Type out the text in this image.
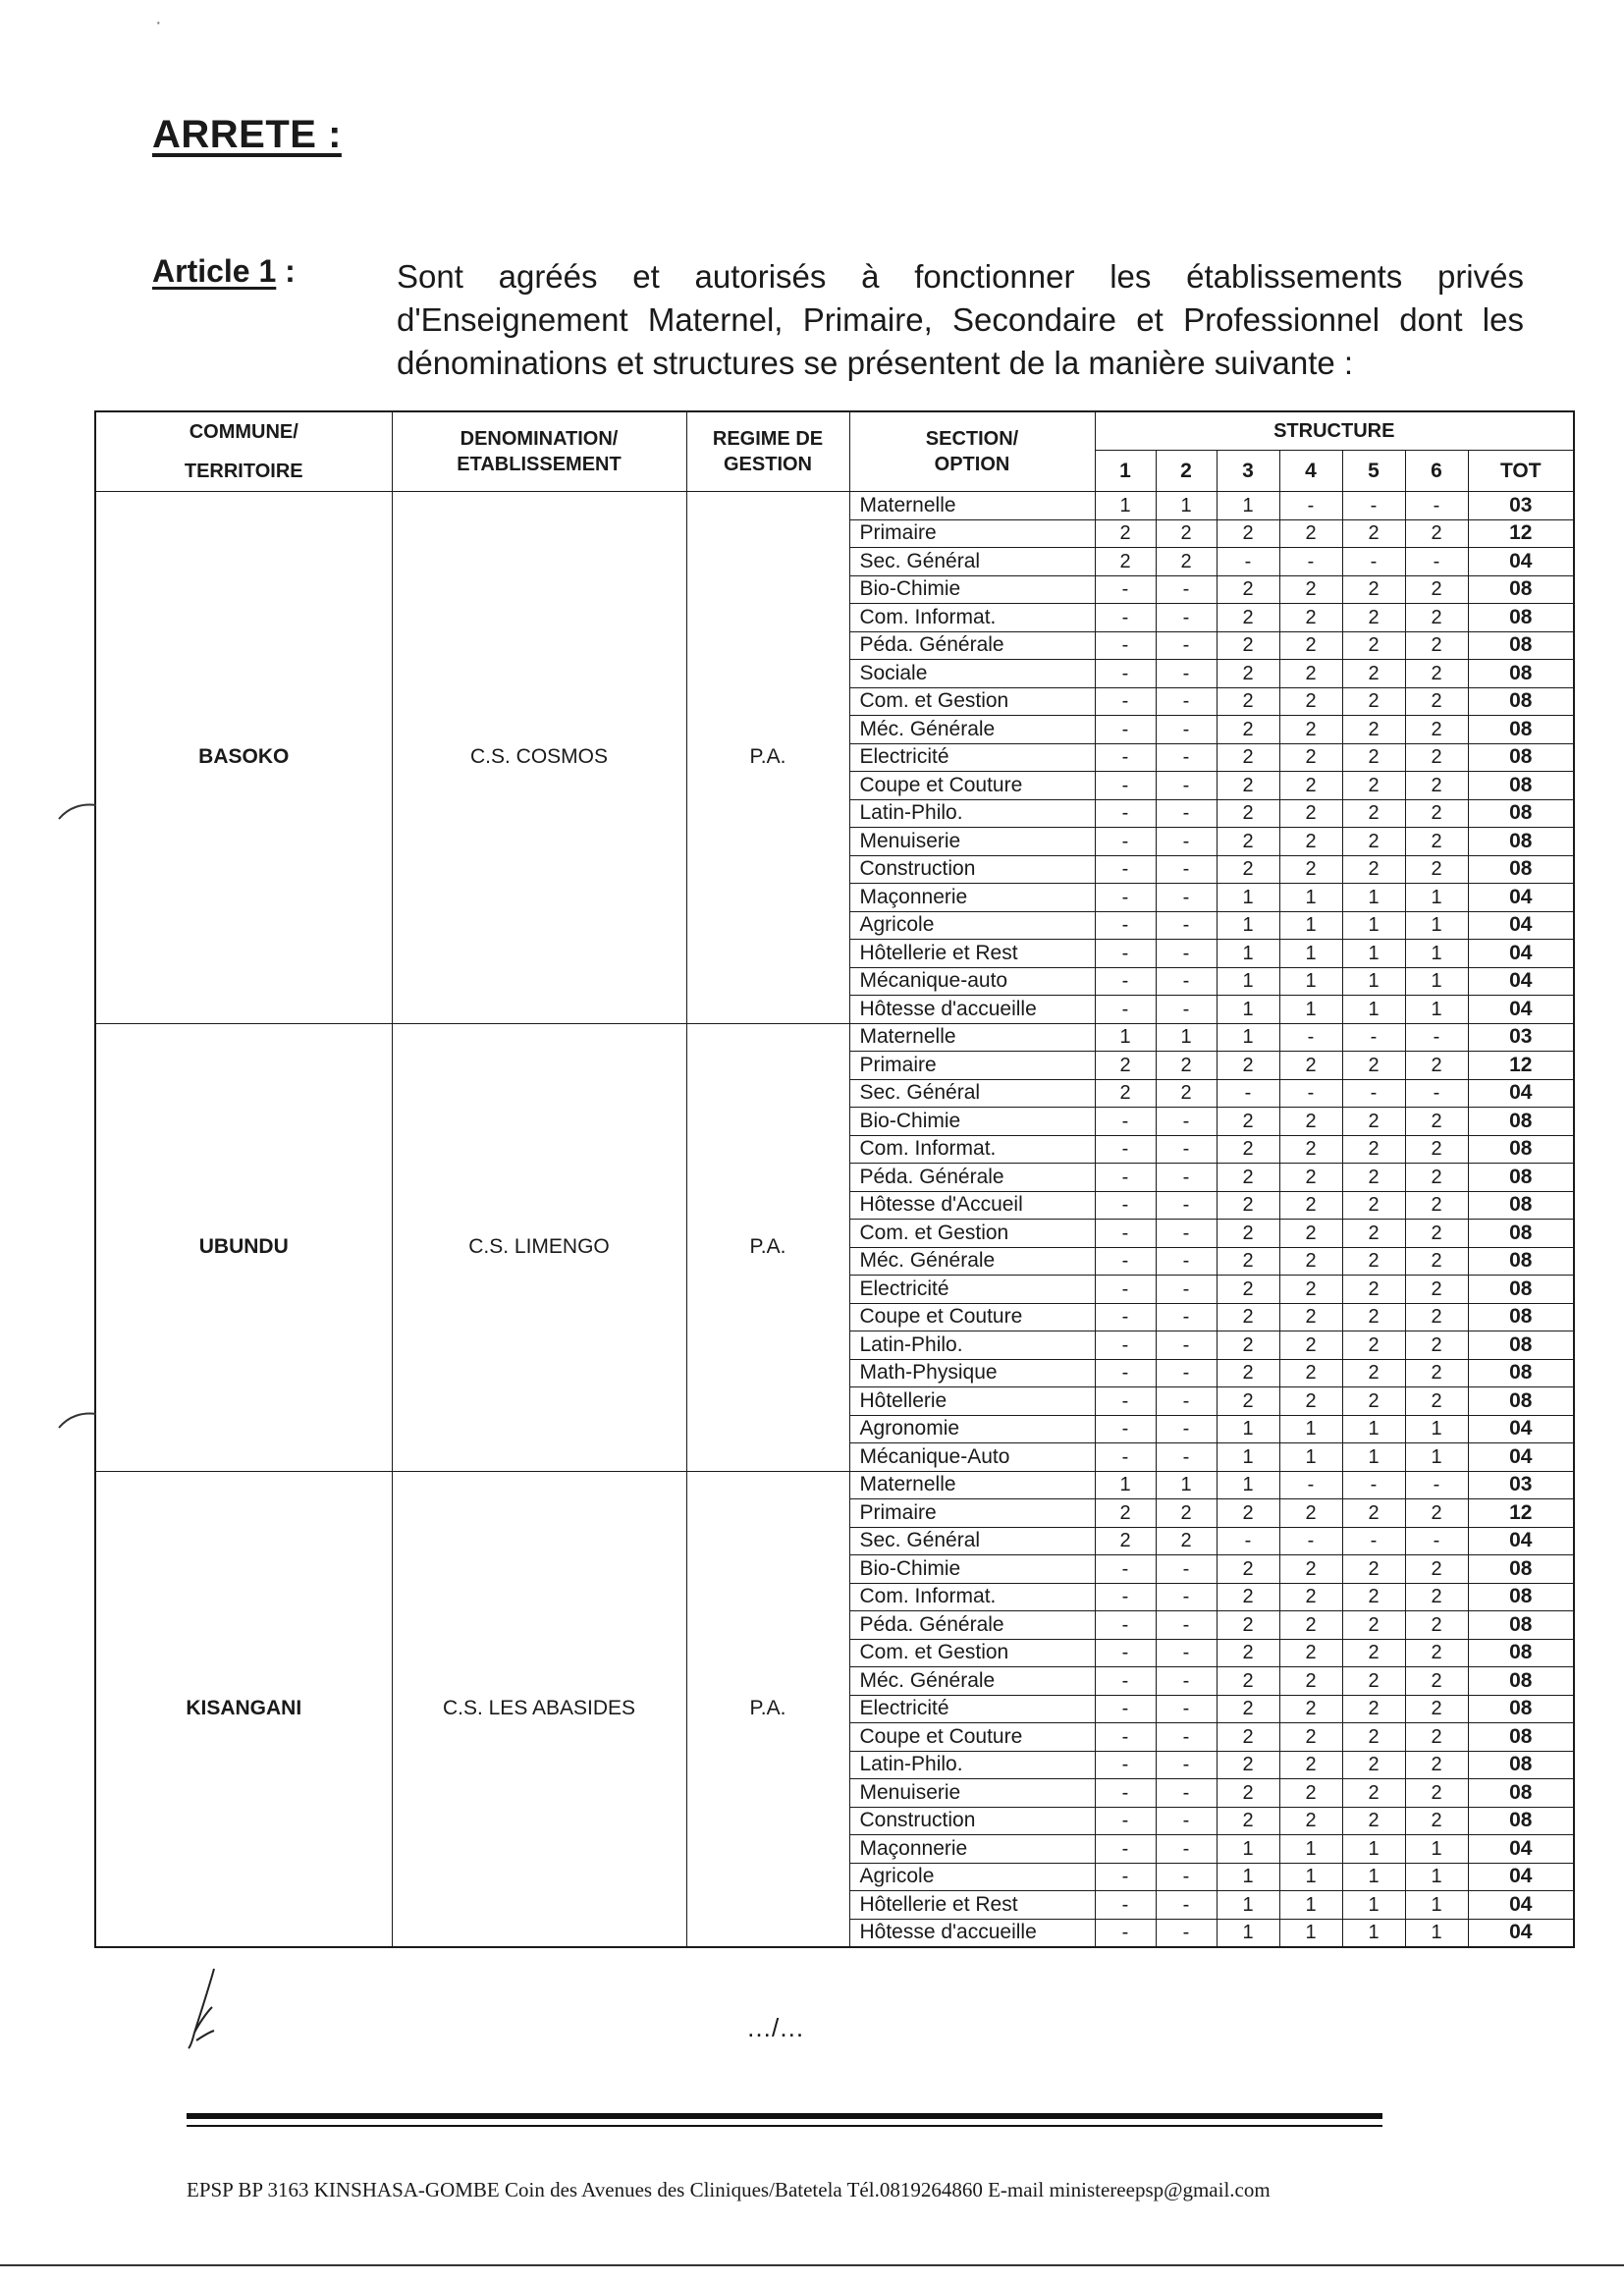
·
ARRETE :
Article 1 :	Sont agréés et autorisés à fonctionner les établissements privés d'Enseignement Maternel, Primaire, Secondaire et Professionnel dont les dénominations et structures se présentent de la manière suivante :
COMMUNE/ TERRITOIRE	DENOMINATION/ ETABLISSEMENT	REGIME DE GESTION	SECTION/ OPTION	STRUCTURE						
				1	2	3	4	5	6	TOT
BASOKO	C.S. COSMOS	P.A.	Maternelle	1	1	1	-	-	-	03
			Primaire	2	2	2	2	2	2	12
			Sec. Général	2	2	-	-	-	-	04
			Bio-Chimie	-	-	2	2	2	2	08
			Com. Informat.	-	-	2	2	2	2	08
			Péda. Générale	-	-	2	2	2	2	08
			Sociale	-	-	2	2	2	2	08
			Com. et Gestion	-	-	2	2	2	2	08
			Méc. Générale	-	-	2	2	2	2	08
			Electricité	-	-	2	2	2	2	08
			Coupe et Couture	-	-	2	2	2	2	08
			Latin-Philo.	-	-	2	2	2	2	08
			Menuiserie	-	-	2	2	2	2	08
			Construction	-	-	2	2	2	2	08
			Maçonnerie	-	-	1	1	1	1	04
			Agricole	-	-	1	1	1	1	04
			Hôtellerie et Rest	-	-	1	1	1	1	04
			Mécanique-auto	-	-	1	1	1	1	04
			Hôtesse d'accueille	-	-	1	1	1	1	04
UBUNDU	C.S. LIMENGO	P.A.	Maternelle	1	1	1	-	-	-	03
			Primaire	2	2	2	2	2	2	12
			Sec. Général	2	2	-	-	-	-	04
			Bio-Chimie	-	-	2	2	2	2	08
			Com. Informat.	-	-	2	2	2	2	08
			Péda. Générale	-	-	2	2	2	2	08
			Hôtesse d'Accueil	-	-	2	2	2	2	08
			Com. et Gestion	-	-	2	2	2	2	08
			Méc. Générale	-	-	2	2	2	2	08
			Electricité	-	-	2	2	2	2	08
			Coupe et Couture	-	-	2	2	2	2	08
			Latin-Philo.	-	-	2	2	2	2	08
			Math-Physique	-	-	2	2	2	2	08
			Hôtellerie	-	-	2	2	2	2	08
			Agronomie	-	-	1	1	1	1	04
			Mécanique-Auto	-	-	1	1	1	1	04
KISANGANI	C.S. LES ABASIDES	P.A.	Maternelle	1	1	1	-	-	-	03
			Primaire	2	2	2	2	2	2	12
			Sec. Général	2	2	-	-	-	-	04
			Bio-Chimie	-	-	2	2	2	2	08
			Com. Informat.	-	-	2	2	2	2	08
			Péda. Générale	-	-	2	2	2	2	08
			Com. et Gestion	-	-	2	2	2	2	08
			Méc. Générale	-	-	2	2	2	2	08
			Electricité	-	-	2	2	2	2	08
			Coupe et Couture	-	-	2	2	2	2	08
			Latin-Philo.	-	-	2	2	2	2	08
			Menuiserie	-	-	2	2	2	2	08
			Construction	-	-	2	2	2	2	08
			Maçonnerie	-	-	1	1	1	1	04
			Agricole	-	-	1	1	1	1	04
			Hôtellerie et Rest	-	-	1	1	1	1	04
			Hôtesse d'accueille	-	-	1	1	1	1	04
…/…
EPSP BP 3163 KINSHASA-GOMBE Coin des Avenues des Cliniques/Batetela Tél.0819264860 E-mail ministereepsp@gmail.com
